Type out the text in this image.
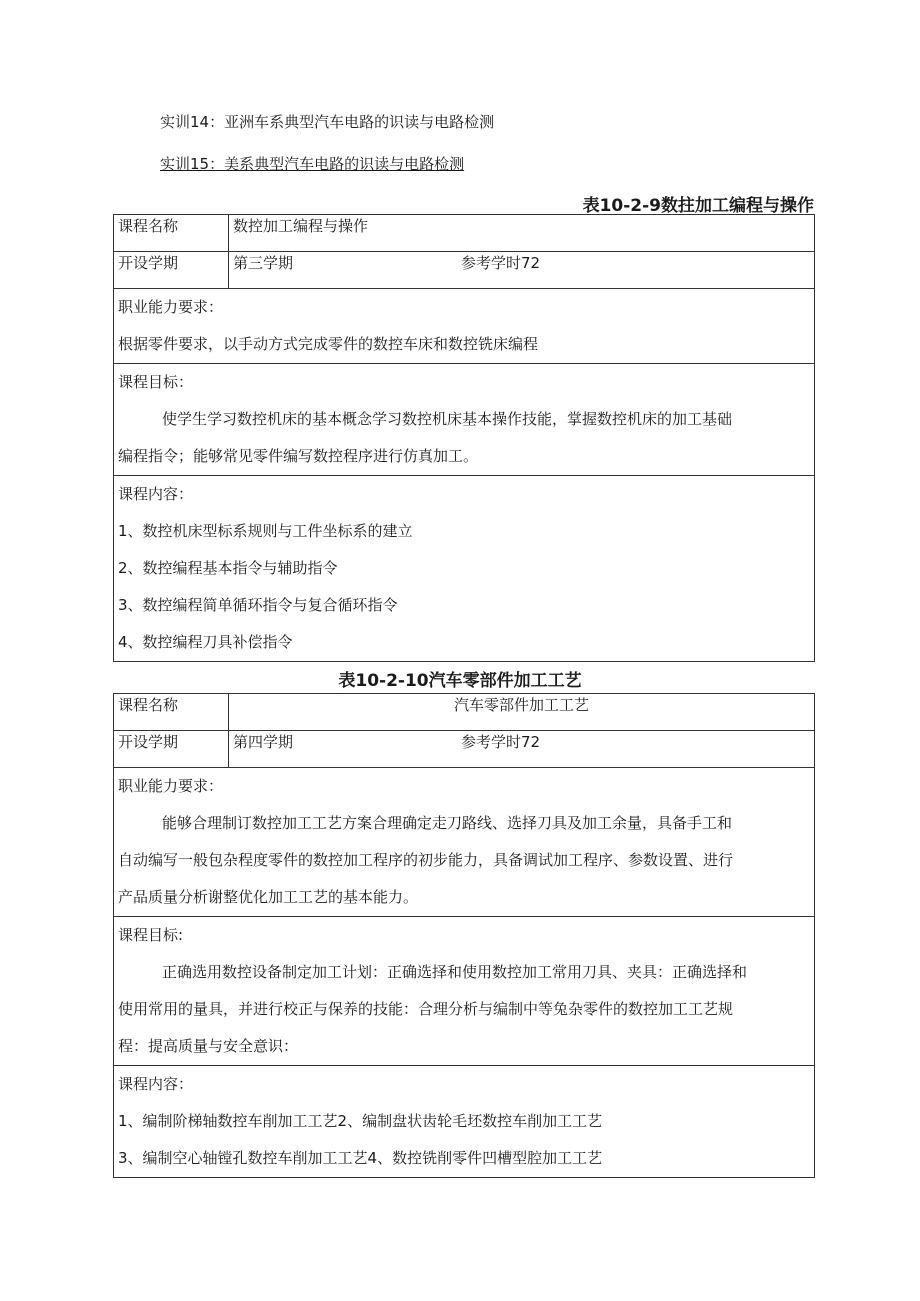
实训14：亚洲车系典型汽车电路的识读与电路检测
实训15：美系典型汽车电路的识读与电路检测
表10-2-9数拄加工编程与操作
课程名称	数控加工编程与操作
开设学期	第三学期 参考学时72

职业能力要求：

根据零件要求，以手动方式完成零件的数控车床和数控铣床编程	

课程目标：

使学生学习数控机床的基本概念学习数控机床基本操作技能，掌握数控机床的加工基础

编程指令；能够常见零件编写数控程序进行仿真加工。	

课程内容：

1、数控机床型标系规则与工件坐标系的建立

2、数控编程基本指令与辅助指令

3、数控编程简单循环指令与复合循环指令

4、数控编程刀具补偿指令	

表10-2-10汽车零部件加工工艺
课程名称	汽车零部件加工工艺
开设学期	第四学期 参考学时72

职业能力要求：

能够合理制订数控加工工艺方案合理确定走刀路线、选择刀具及加工余量，具备手工和

自动编写一般包杂程度零件的数控加工程序的初步能力，具备调试加工程序、参数设置、进行

产品质量分析谢整优化加工工艺的基本能力。	

课程目标:

正确选用数控设备制定加工计划：正确选择和使用数控加工常用刀具、夹具：正确选择和

使用常用的量具，并进行校正与保养的技能：合理分析与编制中等兔杂零件的数控加工工艺规

程：提高质量与安全意识：	

课程内容：

1、编制阶梯轴数控车削加工工艺2、编制盘状齿轮毛坯数控车削加工工艺

3、编制空心轴镗孔数控车削加工工艺4、数控铣削零件凹槽型腔加工工艺	
